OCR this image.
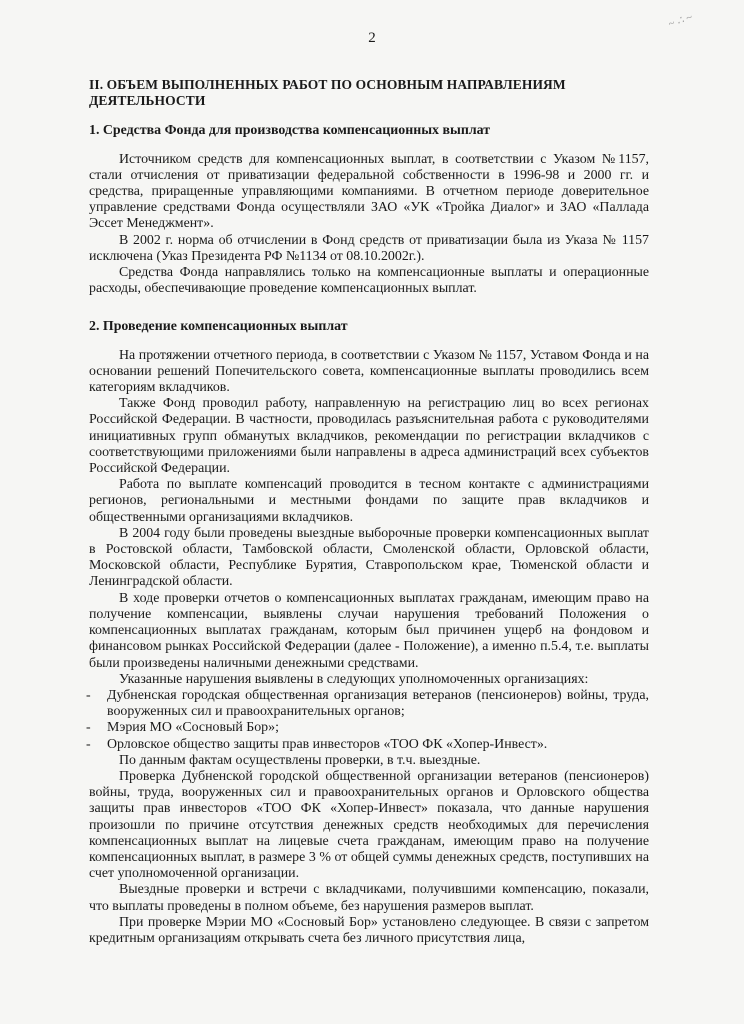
~ ∴ ~
2
II. ОБЪЕМ ВЫПОЛНЕННЫХ РАБОТ ПО ОСНОВНЫМ НАПРАВЛЕНИЯМ ДЕЯТЕЛЬНОСТИ
1. Средства Фонда для производства компенсационных выплат

Источником средств для компенсационных выплат, в соответствии с Указом №1157, стали отчисления от приватизации федеральной собственности в 1996-98 и 2000 гг. и средства, приращенные управляющими компаниями. В отчетном периоде доверительное управление средствами Фонда осуществляли ЗАО «УК «Тройка Диалог» и ЗАО «Паллада Эссет Менеджмент».

В 2002 г. норма об отчислении в Фонд средств от приватизации была из Указа № 1157 исключена (Указ Президента РФ №1134 от 08.10.2002г.).

Средства Фонда направлялись только на компенсационные выплаты и операционные расходы, обеспечивающие проведение компенсационных выплат.

2. Проведение компенсационных выплат

На протяжении отчетного периода, в соответствии с Указом № 1157, Уставом Фонда и на основании решений Попечительского совета, компенсационные выплаты проводились всем категориям вкладчиков.

Также Фонд проводил работу, направленную на регистрацию лиц во всех регионах Российской Федерации. В частности, проводилась разъяснительная работа с руководителями инициативных групп обманутых вкладчиков, рекомендации по регистрации вкладчиков с соответствующими приложениями были направлены в адреса администраций всех субъектов Российской Федерации.

Работа по выплате компенсаций проводится в тесном контакте с администрациями регионов, региональными и местными фондами по защите прав вкладчиков и общественными организациями вкладчиков.

В 2004 году были проведены выездные выборочные проверки компенсационных выплат в Ростовской области, Тамбовской области, Смоленской области, Орловской области, Московской области, Республике Бурятия, Ставропольском крае, Тюменской области и Ленинградской области.

В ходе проверки отчетов о компенсационных выплатах гражданам, имеющим право на получение компенсации, выявлены случаи нарушения требований Положения о компенсационных выплатах гражданам, которым был причинен ущерб на фондовом и финансовом рынках Российской Федерации (далее - Положение), а именно п.5.4, т.е. выплаты были произведены наличными денежными средствами.

Указанные нарушения выявлены в следующих уполномоченных организациях:

- Дубненская городская общественная организация ветеранов (пенсионеров) войны, труда, вооруженных сил и правоохранительных органов;
- Мэрия МО «Сосновый Бор»;
- Орловское общество защиты прав инвесторов «ТОО ФК «Хопер-Инвест».

По данным фактам осуществлены проверки, в т.ч. выездные.

Проверка Дубненской городской общественной организации ветеранов (пенсионеров) войны, труда, вооруженных сил и правоохранительных органов и Орловского общества защиты прав инвесторов «ТОО ФК «Хопер-Инвест» показала, что данные нарушения произошли по причине отсутствия денежных средств необходимых для перечисления компенсационных выплат на лицевые счета гражданам, имеющим право на получение компенсационных выплат, в размере 3 % от общей суммы денежных средств, поступивших на счет уполномоченной организации.

Выездные проверки и встречи с вкладчиками, получившими компенсацию, показали, что выплаты проведены в полном объеме, без нарушения размеров выплат.

При проверке Мэрии МО «Сосновый Бор» установлено следующее. В связи с запретом кредитным организациям открывать счета без личного присутствия лица,
